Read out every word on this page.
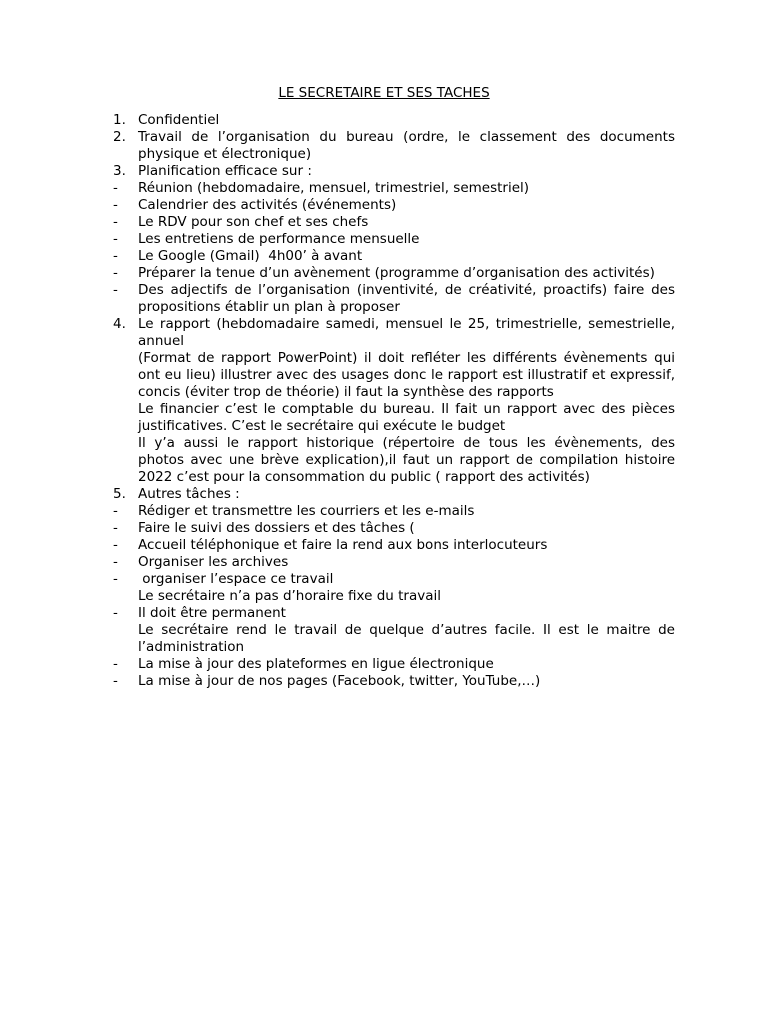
LE SECRETAIRE ET SES TACHES
1. Confidentiel
2. Travail de l’organisation du bureau (ordre, le classement des documents physique et électronique)
3. Planification efficace sur :
-	Réunion (hebdomadaire, mensuel, trimestriel, semestriel)
-	Calendrier des activités (événements)
-	Le RDV pour son chef et ses chefs
-	Les entretiens de performance mensuelle
-	Le Google (Gmail)  4h00’ à avant
-	Préparer la tenue d’un avènement (programme d’organisation des activités)
-	Des adjectifs de l’organisation (inventivité, de créativité, proactifs) faire des propositions établir un plan à proposer
4. Le rapport (hebdomadaire samedi, mensuel le 25, trimestrielle, semestrielle, annuel
(Format de rapport PowerPoint) il doit refléter les différents évènements qui ont eu lieu) illustrer avec des usages donc le rapport est illustratif et expressif, concis (éviter trop de théorie) il faut la synthèse des rapports
Le financier c’est le comptable du bureau. Il fait un rapport avec des pièces justificatives. C’est le secrétaire qui exécute le budget
Il y’a aussi le rapport historique (répertoire de tous les évènements, des photos avec une brève explication),il faut un rapport de compilation histoire 2022 c’est pour la consommation du public ( rapport des activités)
5. Autres tâches :
-	Rédiger et transmettre les courriers et les e-mails
-	Faire le suivi des dossiers et des tâches (
-	Accueil téléphonique et faire la rend aux bons interlocuteurs
-	Organiser les archives
-	organiser l’espace ce travail
Le secrétaire n’a pas d’horaire fixe du travail
-	Il doit être permanent
Le secrétaire rend le travail de quelque d’autres facile. Il est le maitre de l’administration
-	La mise à jour des plateformes en ligue électronique
-	La mise à jour de nos pages (Facebook, twitter, YouTube,…)
